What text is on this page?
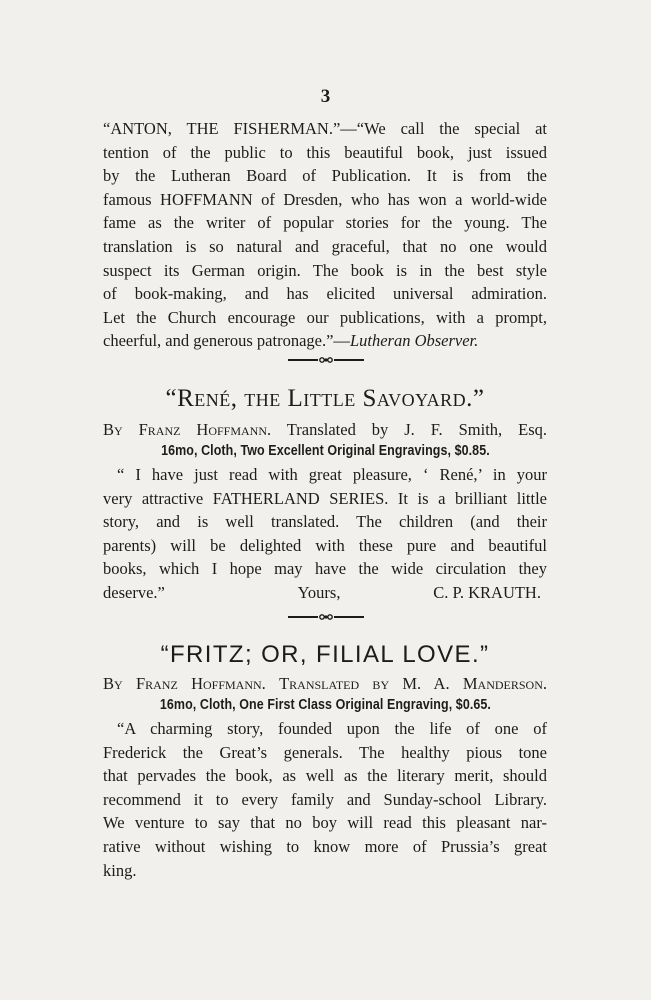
3
“ANTON, THE FISHERMAN.”—“We call the special at
tention of the public to this beautiful book, just issued
by the Lutheran Board of Publication. It is from the
famous HOFFMANN of Dresden, who has won a world-wide
fame as the writer of popular stories for the young. The
translation is so natural and graceful, that no one would
suspect its German origin. The book is in the best style
of book-making, and has elicited universal admiration.
Let the Church encourage our publications, with a prompt,
cheerful, and generous patronage.”—Lutheran Observer.
“René, the Little Savoyard.”
By Franz Hoffmann. Translated by J. F. Smith, Esq.
16mo, Cloth, Two Excellent Original Engravings, $0.85.
“ I have just read with great pleasure, ‘ René,’ in your
very attractive FATHERLAND SERIES. It is a brilliant little
story, and is well translated. The children (and their
parents) will be delighted with these pure and beautiful
books, which I hope may have the wide circulation they
deserve.”	Yours,	C. P. KRAUTH.
“FRITZ; OR, FILIAL LOVE.”
By Franz Hoffmann. Translated by M. A. Manderson.
16mo, Cloth, One First Class Original Engraving, $0.65.
“A charming story, founded upon the life of one of
Frederick the Great’s generals. The healthy pious tone
that pervades the book, as well as the literary merit, should
recommend it to every family and Sunday-school Library.
We venture to say that no boy will read this pleasant nar-
rative without wishing to know more of Prussia’s great
king.
